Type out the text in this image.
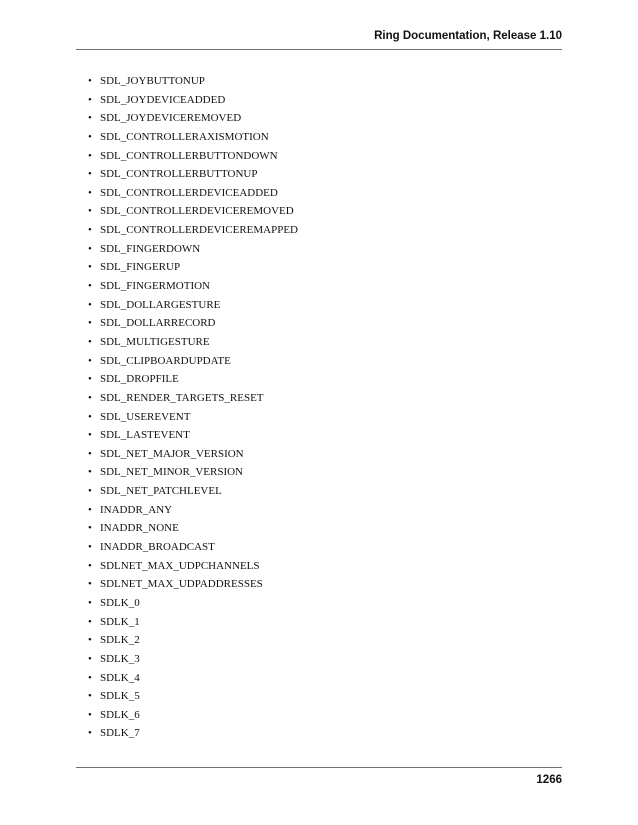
Ring Documentation, Release 1.10
• SDL_JOYBUTTONUP
• SDL_JOYDEVICEADDED
• SDL_JOYDEVICEREMOVED
• SDL_CONTROLLERAXISMOTION
• SDL_CONTROLLERBUTTONDOWN
• SDL_CONTROLLERBUTTONUP
• SDL_CONTROLLERDEVICEADDED
• SDL_CONTROLLERDEVICEREMOVED
• SDL_CONTROLLERDEVICEREMAPPED
• SDL_FINGERDOWN
• SDL_FINGERUP
• SDL_FINGERMOTION
• SDL_DOLLARGESTURE
• SDL_DOLLARRECORD
• SDL_MULTIGESTURE
• SDL_CLIPBOARDUPDATE
• SDL_DROPFILE
• SDL_RENDER_TARGETS_RESET
• SDL_USEREVENT
• SDL_LASTEVENT
• SDL_NET_MAJOR_VERSION
• SDL_NET_MINOR_VERSION
• SDL_NET_PATCHLEVEL
• INADDR_ANY
• INADDR_NONE
• INADDR_BROADCAST
• SDLNET_MAX_UDPCHANNELS
• SDLNET_MAX_UDPADDRESSES
• SDLK_0
• SDLK_1
• SDLK_2
• SDLK_3
• SDLK_4
• SDLK_5
• SDLK_6
• SDLK_7
1266
